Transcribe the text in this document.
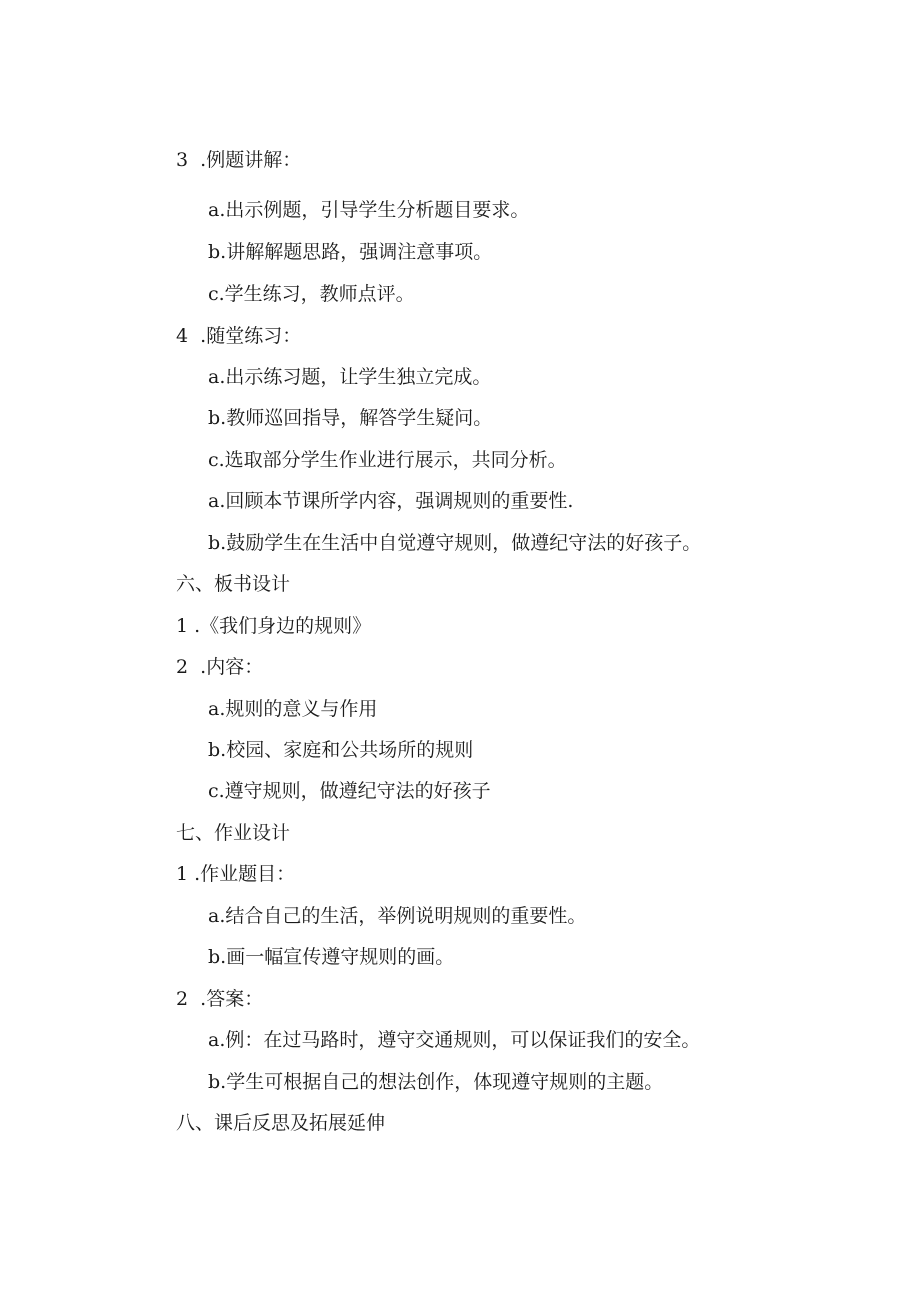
3  .例题讲解：
a.出示例题，引导学生分析题目要求。
b.讲解解题思路，强调注意事项。
c.学生练习，教师点评。
4  .随堂练习：
a.出示练习题，让学生独立完成。
b.教师巡回指导，解答学生疑问。
c.选取部分学生作业进行展示，共同分析。
a.回顾本节课所学内容，强调规则的重要性.
b.鼓励学生在生活中自觉遵守规则，做遵纪守法的好孩子。
六、板书设计
1 .《我们身边的规则》
2  .内容：
a.规则的意义与作用
b.校园、家庭和公共场所的规则
c.遵守规则，做遵纪守法的好孩子
七、作业设计
1 .作业题目：
a.结合自己的生活，举例说明规则的重要性。
b.画一幅宣传遵守规则的画。
2  .答案：
a.例：在过马路时，遵守交通规则，可以保证我们的安全。
b.学生可根据自己的想法创作，体现遵守规则的主题。
八、课后反思及拓展延伸
